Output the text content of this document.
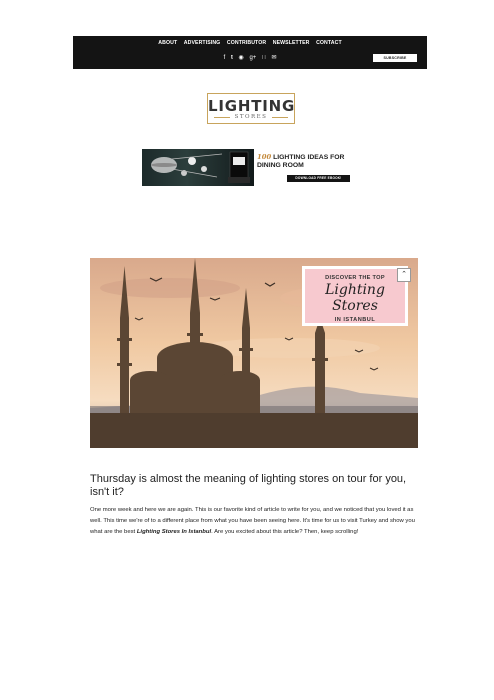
ABOUT ADVERTISING CONTRIBUTOR NEWSLETTER CONTACT
f 𝐭 ◉ g+ ∷ ✉	SUBSCRIBE
LIGHTING
STORES
100 LIGHTING IDEAS FOR
DINING ROOM
DOWNLOAD FREE EBOOK!
DISCOVER THE TOP
Lighting Stores
IN ISTANBUL
⌃
Thursday is almost the meaning of lighting stores on tour for you, isn't it?

One more week and here we are again. This is our favorite kind of article to write for you, and we noticed that you loved it as well. This time we're of to a different place from what you have been seeing here. It's time for us to visit Turkey and show you what are the best Lighting Stores In Istanbul. Are you excited about this article? Then, keep scrolling!
